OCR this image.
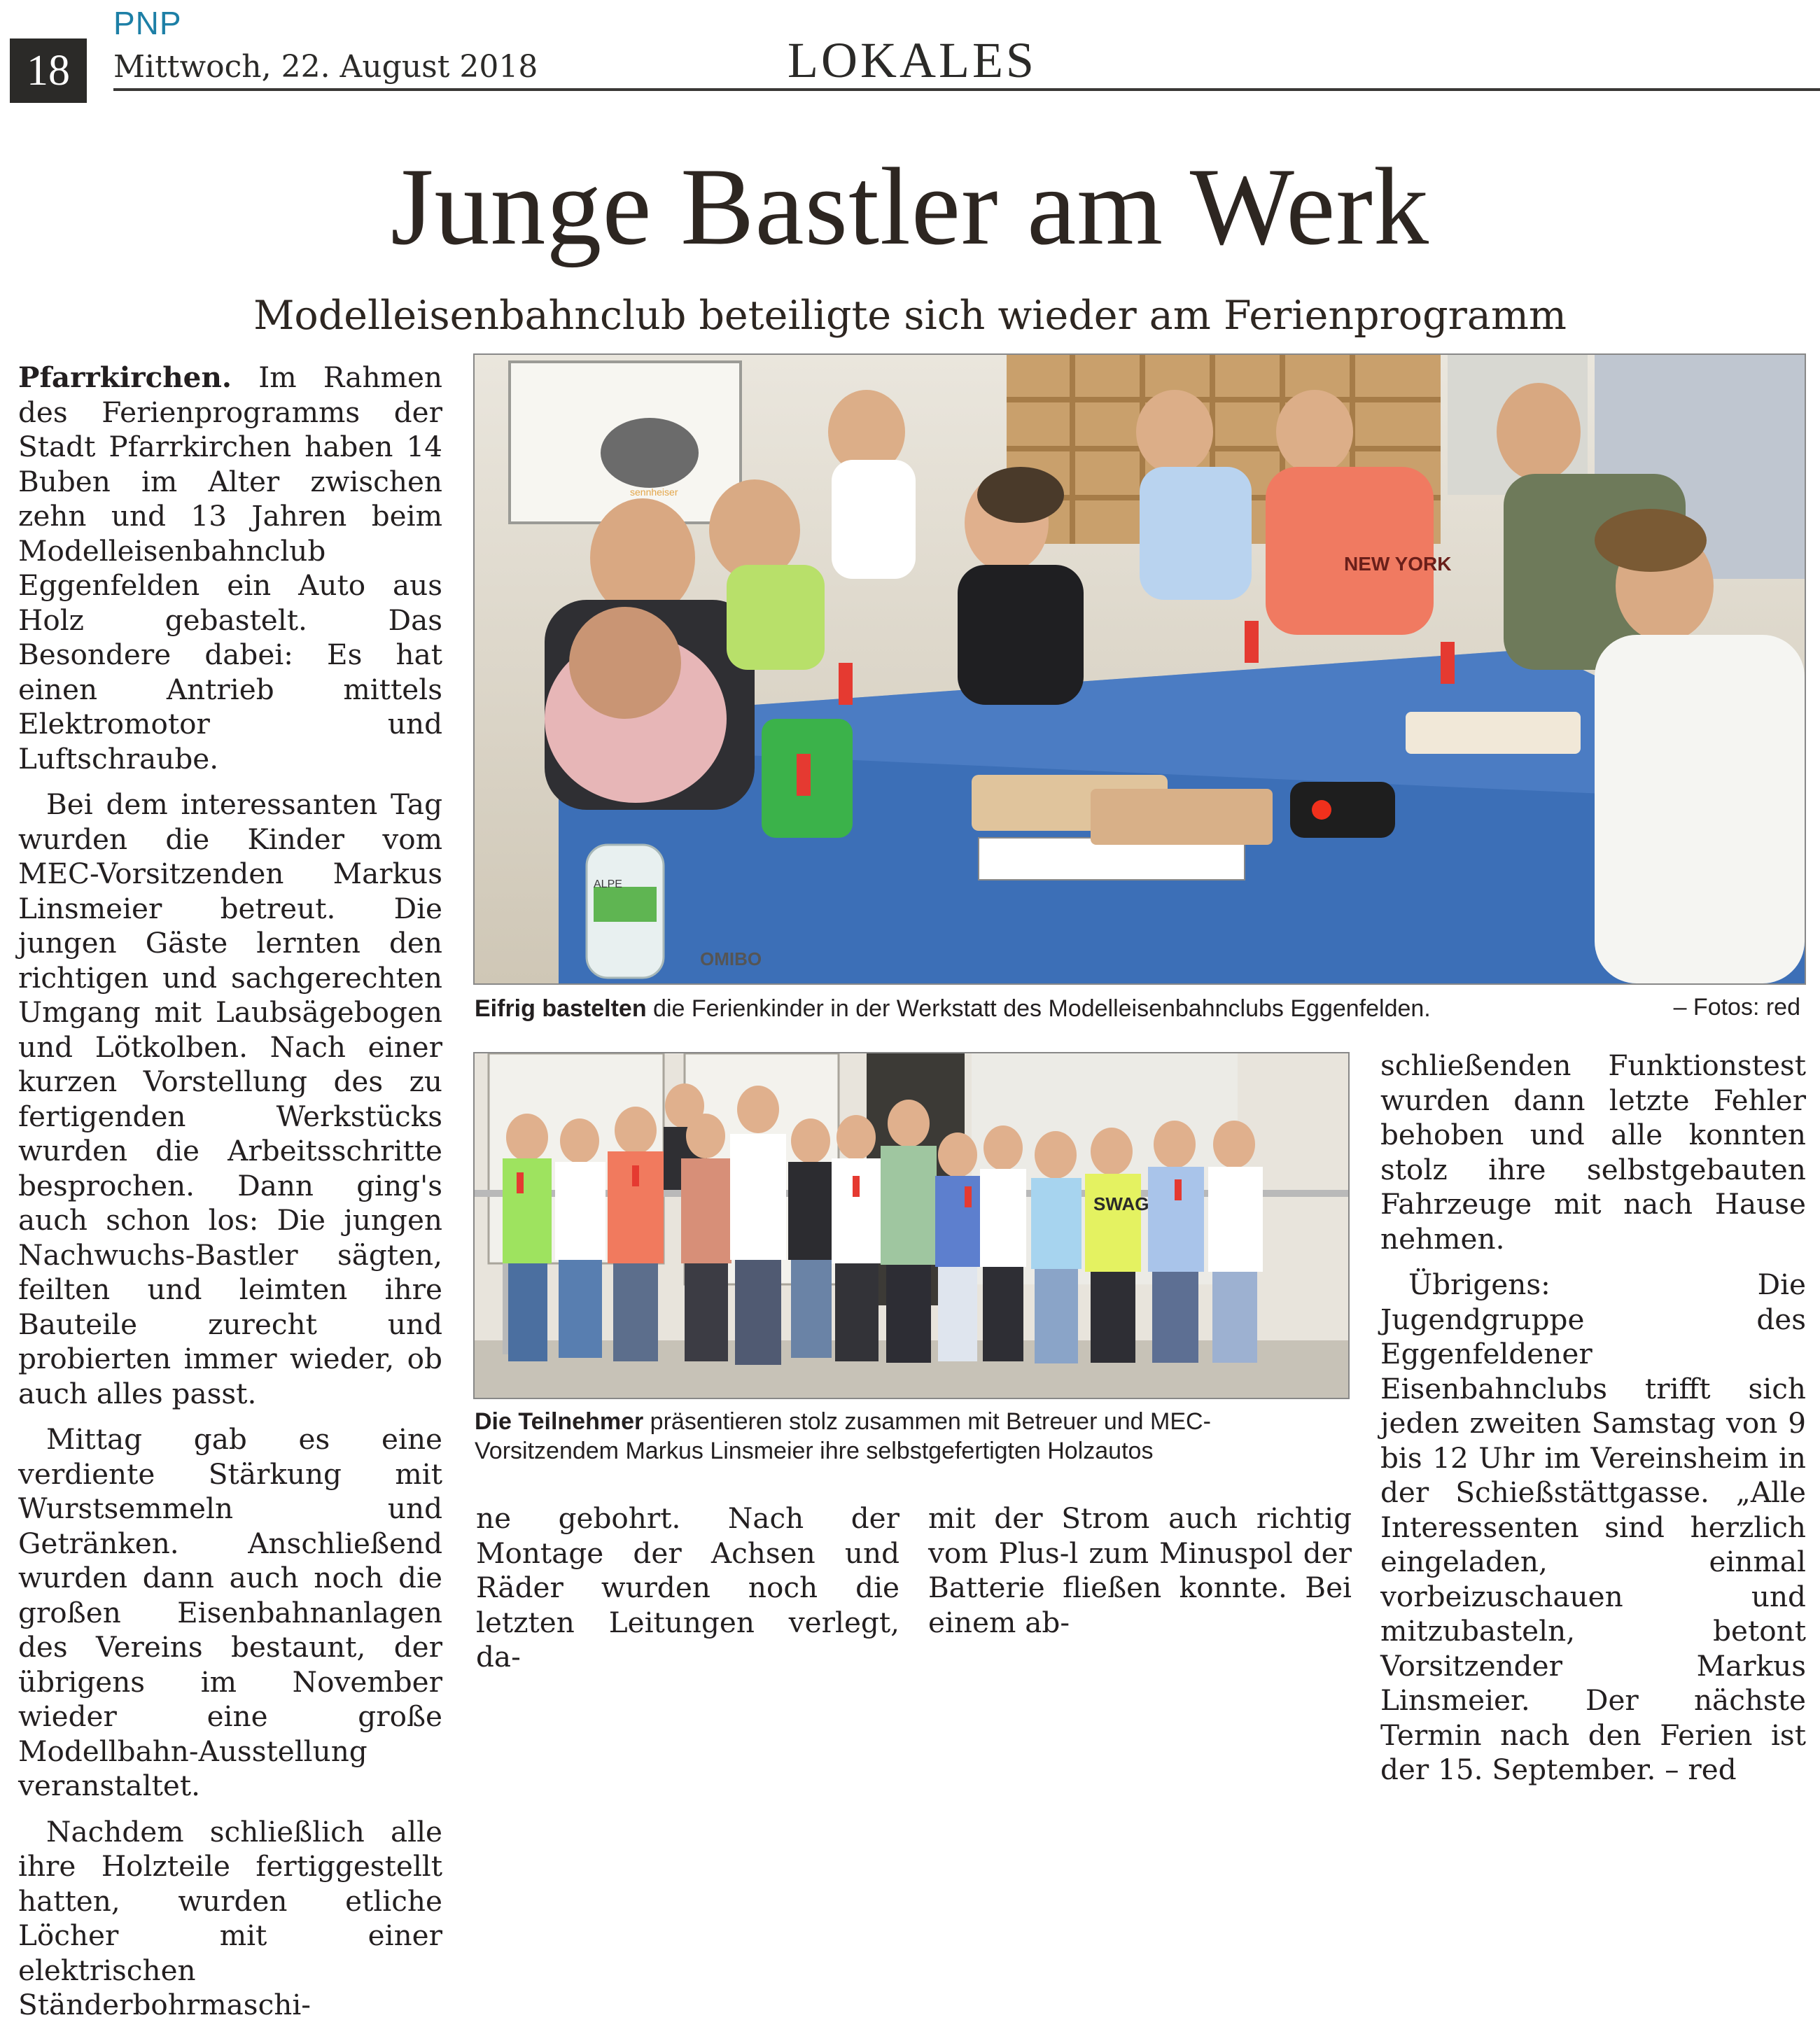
PNP
18	Mittwoch, 22. August 2018	LOKALES
Junge Bastler am Werk
Modelleisenbahnclub beteiligte sich wieder am Ferienprogramm

Pfarrkirchen. Im Rahmen des Ferienprogramms der Stadt Pfarrkirchen haben 14 Buben im Alter zwischen zehn und 13 Jahren beim Modelleisenbahnclub Eggenfelden ein Auto aus Holz gebastelt. Das Besondere dabei: Es hat einen Antrieb mittels Elektromotor und Luftschraube.

Bei dem interessanten Tag wurden die Kinder vom MEC-Vorsitzenden Markus Linsmeier betreut. Die jungen Gäste lernten den richtigen und sachgerechten Umgang mit Laubsägebogen und Lötkolben. Nach einer kurzen Vorstellung des zu fertigenden Werkstücks wurden die Arbeitsschritte besprochen. Dann ging's auch schon los: Die jungen Nachwuchs-Bastler sägten, feilten und leimten ihre Bauteile zurecht und probierten immer wieder, ob auch alles passt.

Mittag gab es eine verdiente Stärkung mit Wurstsemmeln und Getränken. Anschließend wurden dann auch noch die großen Eisenbahnanlagen des Vereins bestaunt, der übrigens im November wieder eine große Modellbahn-Ausstellung veranstaltet.

Nachdem schließlich alle ihre Holzteile fertiggestellt hatten, wurden etliche Löcher mit einer elektrischen Ständerbohrmaschi-

Eifrig bastelten die Ferienkinder in der Werkstatt des Modelleisenbahnclubs Eggenfelden.	– Fotos: red
Die Teilnehmer präsentieren stolz zusammen mit Betreuer und MEC-Vorsitzendem Markus Linsmeier ihre selbstgefertigten Holzautos

ne gebohrt. Nach der Montage der Achsen und Räder wurden noch die letzten Leitungen verlegt, da-

mit der Strom auch richtig vom Plus-l zum Minuspol der Batterie fließen konnte. Bei einem ab-

schließenden Funktionstest wurden dann letzte Fehler behoben und alle konnten stolz ihre selbstgebauten Fahrzeuge mit nach Hause nehmen.

Übrigens: Die Jugendgruppe des Eggenfeldener Eisenbahnclubs trifft sich jeden zweiten Samstag von 9 bis 12 Uhr im Vereinsheim in der Schießstättgasse. „Alle Interessenten sind herzlich eingeladen, einmal vorbeizuschauen und mitzubasteln, betont Vorsitzender Markus Linsmeier. Der nächste Termin nach den Ferien ist der 15. September. – red

OMIBO
ALPE
sennheiser
NEW YORK
SWAG
